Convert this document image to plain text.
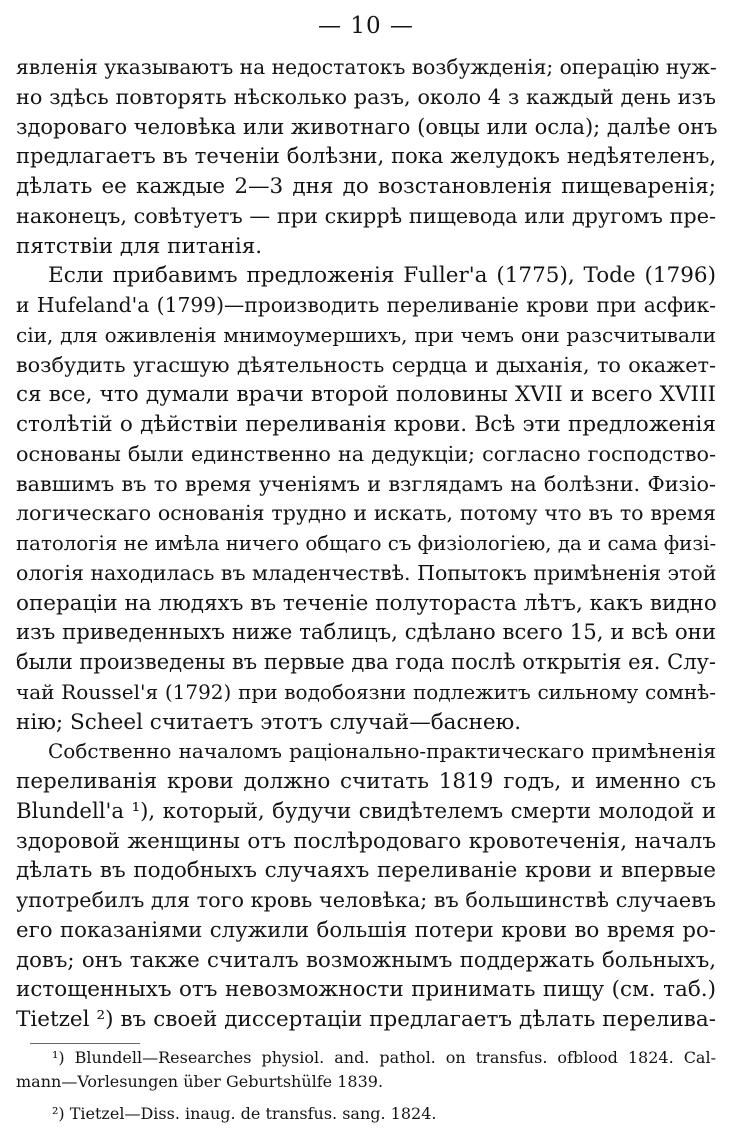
— 10 —
явленія указываютъ на недостатокъ возбужденія; операцію нуж-
но здѣсь повторять нѣсколько разъ, около 4 з каждый день изъ
здороваго человѣка или животнаго (овцы или осла); далѣе онъ
предлагаетъ въ теченіи болѣзни, пока желудокъ недѣятеленъ,
дѣлать ее каждые 2—3 дня до возстановленія пищеваренія;
наконецъ, совѣтуетъ — при скиррѣ пищевода или другомъ пре-
пятствіи для питанія.
Если прибавимъ предложенія Fuller'а (1775), Tode (1796)
и Hufeland'а (1799)—производить переливаніе крови при асфик-
сіи, для оживленія мнимоумершихъ, при чемъ они разсчитывали
возбудить угасшую дѣятельность сердца и дыханія, то окажет-
ся все, что думали врачи второй половины XVII и всего XVIII
столѣтій о дѣйствіи переливанія крови. Всѣ эти предложенія
основаны были единственно на дедукціи; согласно господство-
вавшимъ въ то время ученіямъ и взглядамъ на болѣзни. Физіо-
логическаго основанія трудно и искать, потому что въ то время
патологія не имѣла ничего общаго съ физіологіею, да и сама физі-
ологія находилась въ младенчествѣ. Попытокъ примѣненія этой
операціи на людяхъ въ теченіе полутораста лѣтъ, какъ видно
изъ приведенныхъ ниже таблицъ, сдѣлано всего 15, и всѣ они
были произведены въ первые два года послѣ открытія ея. Слу-
чай Roussel'я (1792) при водобоязни подлежитъ сильному сомнѣ-
нію; Scheel считаетъ этотъ случай—баснею.
Собственно началомъ раціонально-практическаго примѣненія
переливанія крови должно считать 1819 годъ, и именно съ
Blundell'а ¹), который, будучи свидѣтелемъ смерти молодой и
здоровой женщины отъ послѣродоваго кровотеченія, началъ
дѣлать въ подобныхъ случаяхъ переливаніе крови и впервые
употребилъ для того кровь человѣка; въ большинствѣ случаевъ
его показаніями служили большія потери крови во время ро-
довъ; онъ также считалъ возможнымъ поддержать больныхъ,
истощенныхъ отъ невозможности принимать пищу (см. таб.)
Tietzel ²) въ своей диссертаціи предлагаетъ дѣлать перелива-
¹) Blundell—Researches physiol. and. pathol. on transfus. ofblood 1824. Cal-
mann—Vorlesungen über Geburtshülfe 1839.
²) Tietzel—Diss. inaug. de transfus. sang. 1824.
